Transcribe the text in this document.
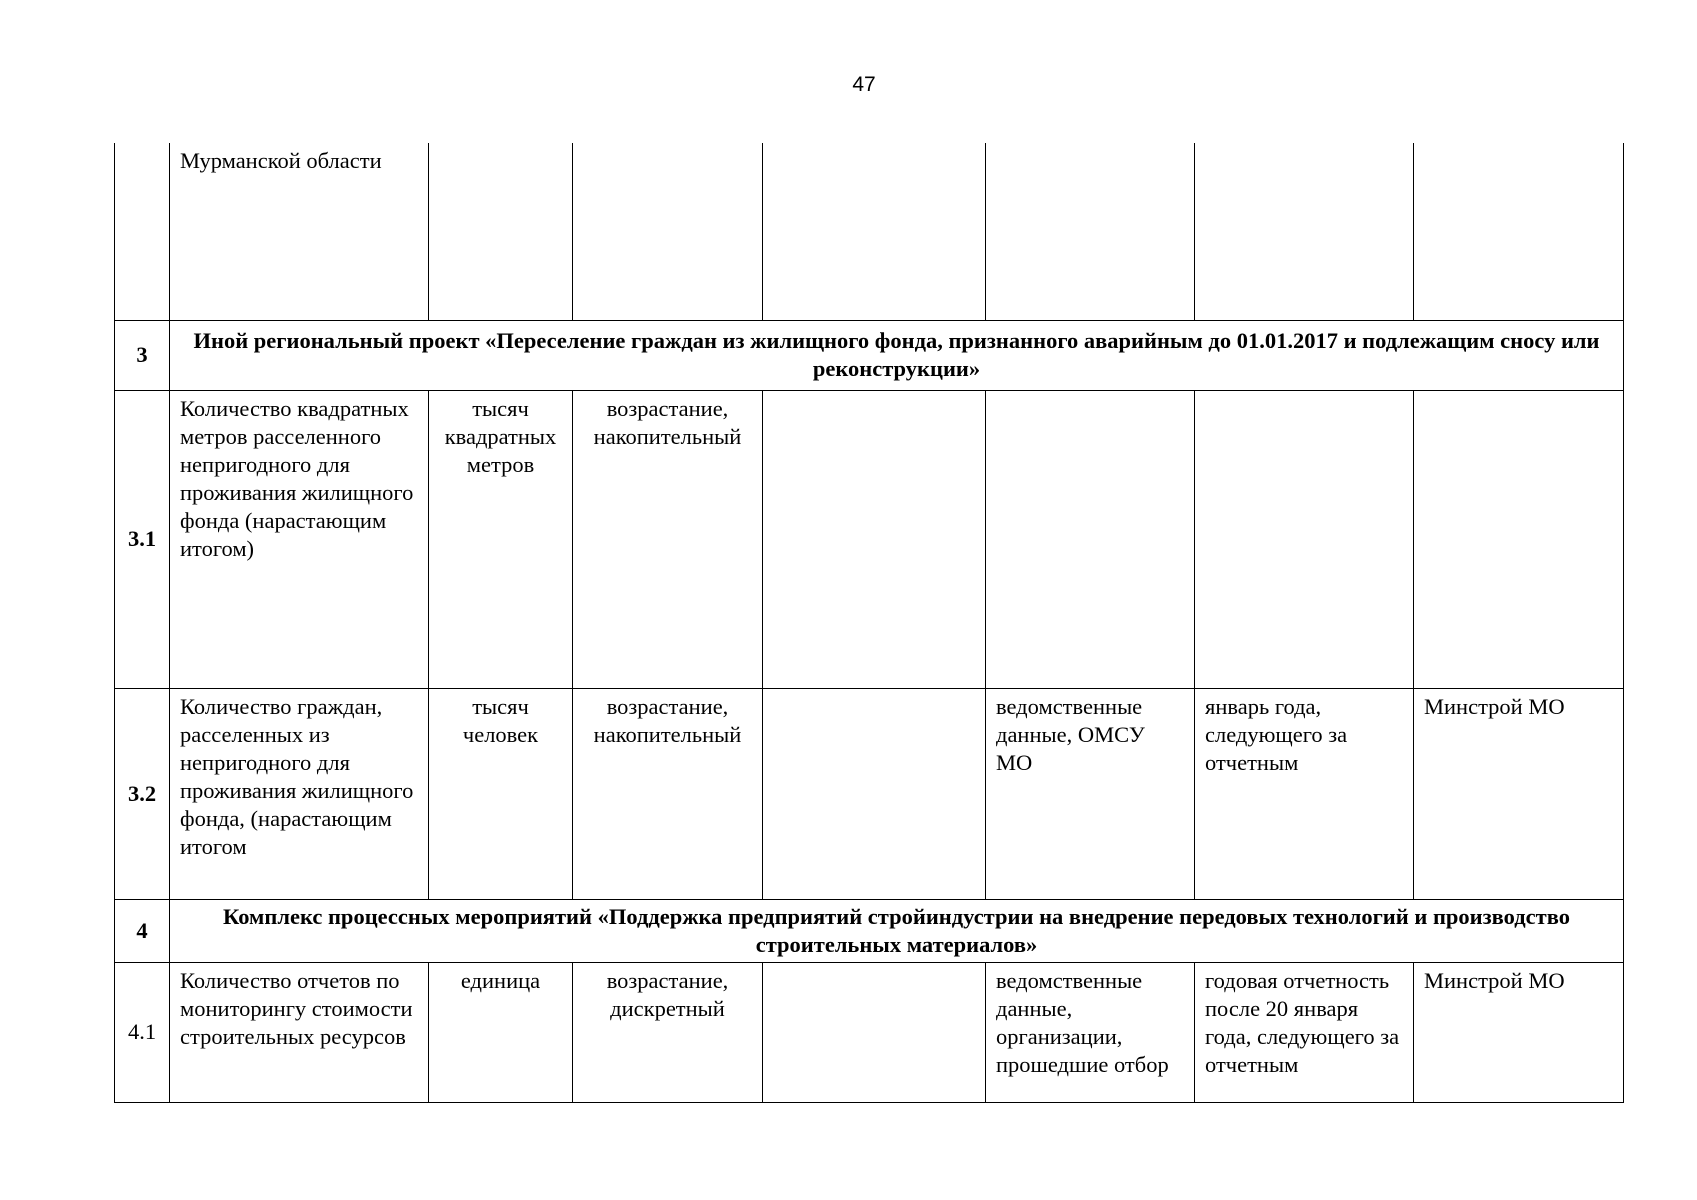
47
	Мурманской области						
3	Иной региональный проект «Переселение граждан из жилищного фонда, признанного аварийным до 01.01.2017 и подлежащим сносу или реконструкции»						
3.1	Количество квадратных метров расселенного непригодного для проживания жилищного фонда (нарастающим итогом)	тысяч квадратных метров	возрастание, накопительный				
3.2	Количество граждан, расселенных из непригодного для проживания жилищного фонда, (нарастающим итогом	тысяч человек	возрастание, накопительный		ведомственные данные, ОМСУ МО	январь года, следующего за отчетным	Минстрой МО
4	Комплекс процессных мероприятий «Поддержка предприятий стройиндустрии на внедрение передовых технологий и производство строительных материалов»						
4.1	Количество отчетов по мониторингу стоимости строительных ресурсов	единица	возрастание, дискретный		ведомственные данные, организации, прошедшие отбор	годовая отчетность после 20 января года, следующего за отчетным	Минстрой МО
